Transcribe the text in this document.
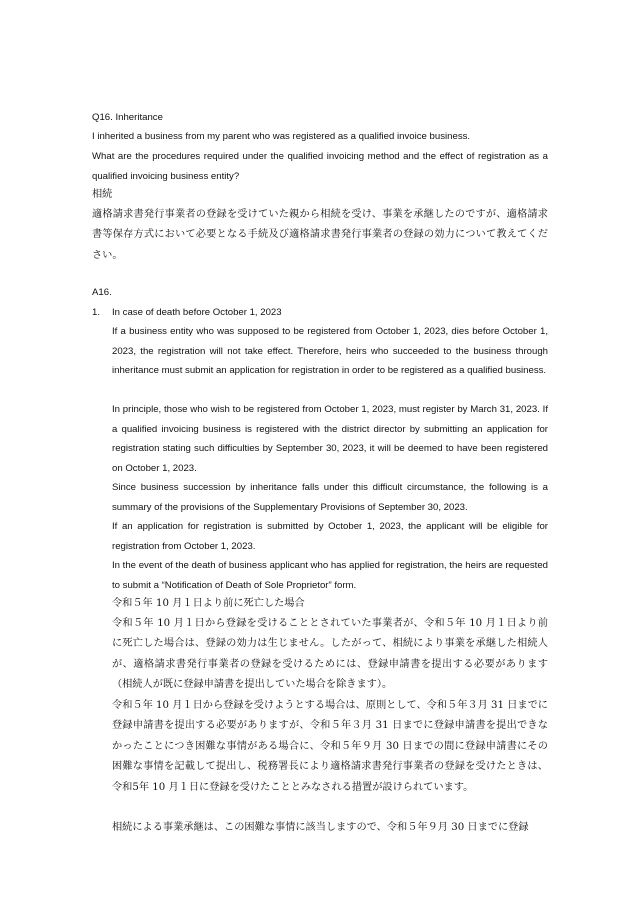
Q16. Inheritance

I inherited a business from my parent who was registered as a qualified invoice business.

What are the procedures required under the qualified invoicing method and the effect of registration as a qualified invoicing business entity?

相続

適格請求書発行事業者の登録を受けていた親から相続を受け、事業を承継したのですが、適格請求書等保存方式において必要となる手続及び適格請求書発行事業者の登録の効力について教えてください。

A16.

1. In case of death before October 1, 2023

If a business entity who was supposed to be registered from October 1, 2023, dies before October 1, 2023, the registration will not take effect. Therefore, heirs who succeeded to the business through inheritance must submit an application for registration in order to be registered as a qualified business.

In principle, those who wish to be registered from October 1, 2023, must register by March 31, 2023. If a qualified invoicing business is registered with the district director by submitting an application for registration stating such difficulties by September 30, 2023, it will be deemed to have been registered on October 1, 2023.

Since business succession by inheritance falls under this difficult circumstance, the following is a summary of the provisions of the Supplementary Provisions of September 30, 2023.

If an application for registration is submitted by October 1, 2023, the applicant will be eligible for registration from October 1, 2023.

In the event of the death of business applicant who has applied for registration, the heirs are requested to submit a “Notification of Death of Sole Proprietor” form.

令和５年 10 月１日より前に死亡した場合

令和５年 10 月１日から登録を受けることとされていた事業者が、令和５年 10 月１日より前に死亡した場合は、登録の効力は生じません。したがって、相続により事業を承継した相続人が、適格請求書発行事業者の登録を受けるためには、登録申請書を提出する必要があります（相続人が既に登録申請書を提出していた場合を除きます）。

令和５年 10 月１日から登録を受けようとする場合は、原則として、令和５年３月 31 日までに登録申請書を提出する必要がありますが、令和５年３月 31 日までに登録申請書を提出できなかったことにつき困難な事情がある場合に、令和５年９月 30 日までの間に登録申請書にその困難な事情を記載して提出し、税務署長により適格請求書発行事業者の登録を受けたときは、令和5年 10 月１日に登録を受けたこととみなされる措置が設けられています。

相続による事業承継は、この困難な事情に該当しますので、令和５年９月 30 日までに登録
